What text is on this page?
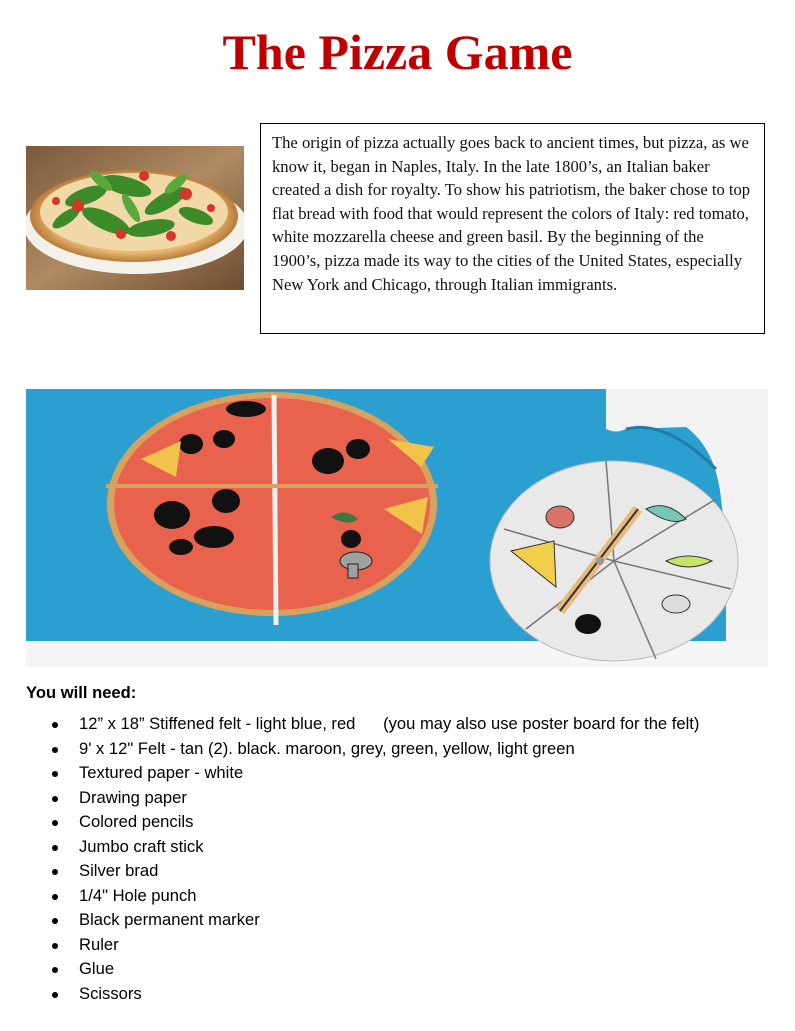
The Pizza Game
The origin of pizza actually goes back to ancient times, but pizza, as we know it, began in Naples, Italy. In the late 1800’s, an Italian baker created a dish for royalty. To show his patriotism, the baker chose to top flat bread with food that would represent the colors of Italy: red tomato, white mozzarella cheese and green basil. By the beginning of the 1900’s, pizza made its way to the cities of the United States, especially New York and Chicago, through Italian immigrants.
You will need:
12” x 18” Stiffened felt - light blue, red      (you may also use poster board for the felt)
9' x 12" Felt - tan (2). black. maroon, grey, green, yellow, light green
Textured paper - white
Drawing paper
Colored pencils
Jumbo craft stick
Silver brad
1/4" Hole punch
Black permanent marker
Ruler
Glue
Scissors
